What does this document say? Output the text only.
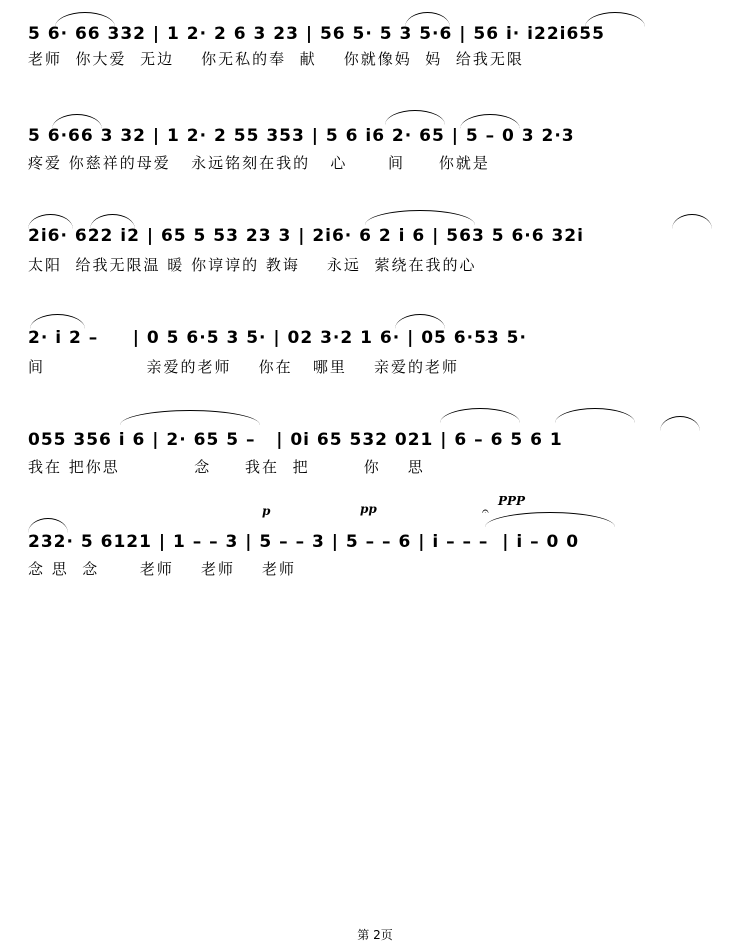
5 6· 66 332 | 1 2· 2 6 3 23 | 56 5· 5 3 5·6 | 56 i· i22i655
老师  你大爱  无边    你无私的奉  献    你就像妈  妈  给我无限
5 6·66 3 32 | 1 2· 2 55 353 | 5 6 i6 2· 65 | 5 – 0 3 2·3
疼爱 你慈祥的母爱   永远铭刻在我的   心      间     你就是
2i6· 622 i2 | 65 5 53 23 3 | 2i6· 6 2 i 6 | 563 5 6·6 32i
太阳  给我无限温 暖 你谆谆的 教诲    永远  萦绕在我的心
2· i 2 –     | 0 5 6·5 3 5· | 02 3·2 1 6· | 05 6·53 5·
间               亲爱的老师    你在   哪里    亲爱的老师
055 356 i 6 | 2· 65 5 –   | 0i 65 532 021 | 6 – 6 5 6 1
我在 把你思           念     我在  把        你    思
232· 5 6121 | 1 – – 3 | 5 – – 3 | 5 – – 6 | i – – –  | i – 0 0
念 思  念      老师    老师    老师
p	pp
PPP
𝄐
第 2页
